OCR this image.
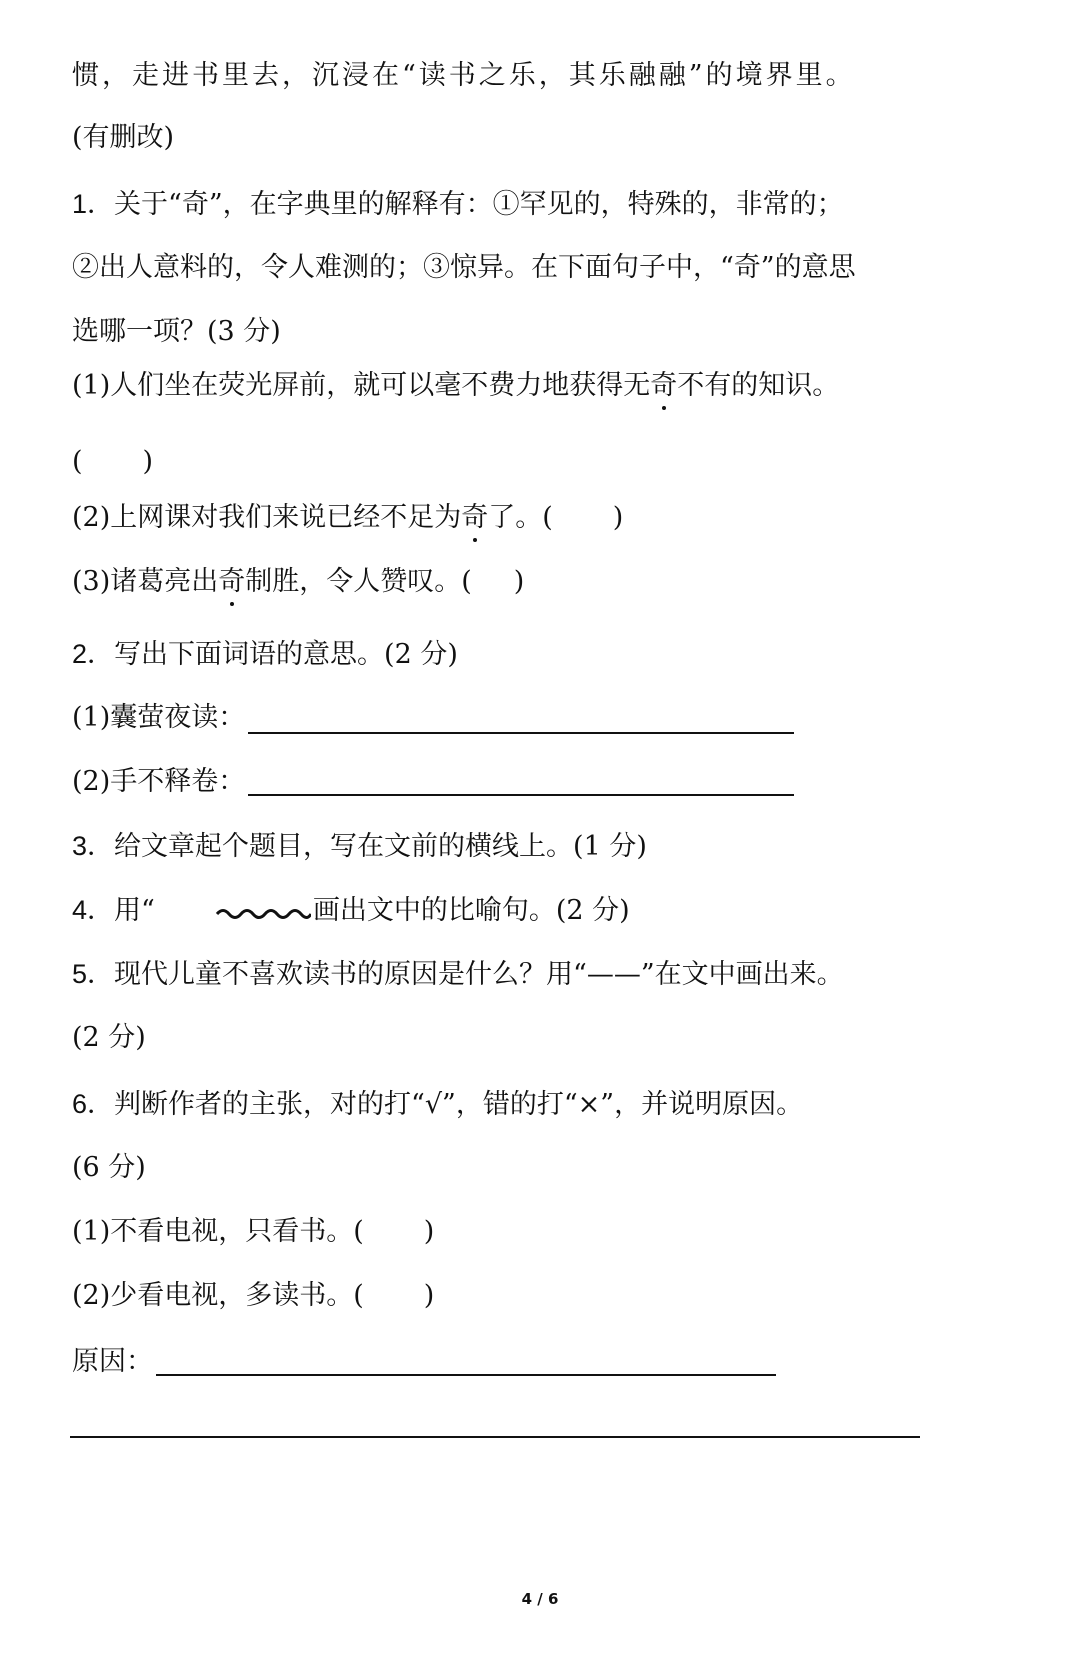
惯，走进书里去，沉浸在“读书之乐，其乐融融”的境界里。
(有删改)
1．关于“奇”，在字典里的解释有：①罕见的，特殊的，非常的；
②出人意料的，令人难测的；③惊异。在下面句子中，“奇”的意思
选哪一项？(3 分)
(1)人们坐在荧光屏前，就可以毫不费力地获得无奇不有的知识。
( )
(2)上网课对我们来说已经不足为奇了。( )
(3)诸葛亮出奇制胜，令人赞叹。( )
2．写出下面词语的意思。(2 分)
(1)囊萤夜读：
(2)手不释卷：
3．给文章起个题目，写在文前的横线上。(1 分)
4．用“	画出文中的比喻句。(2 分)
5．现代儿童不喜欢读书的原因是什么？用“——”在文中画出来。
(2 分)
6．判断作者的主张，对的打“√”，错的打“×”，并说明原因。
(6 分)
(1)不看电视，只看书。( )
(2)少看电视，多读书。( )
原因：
4 / 6
